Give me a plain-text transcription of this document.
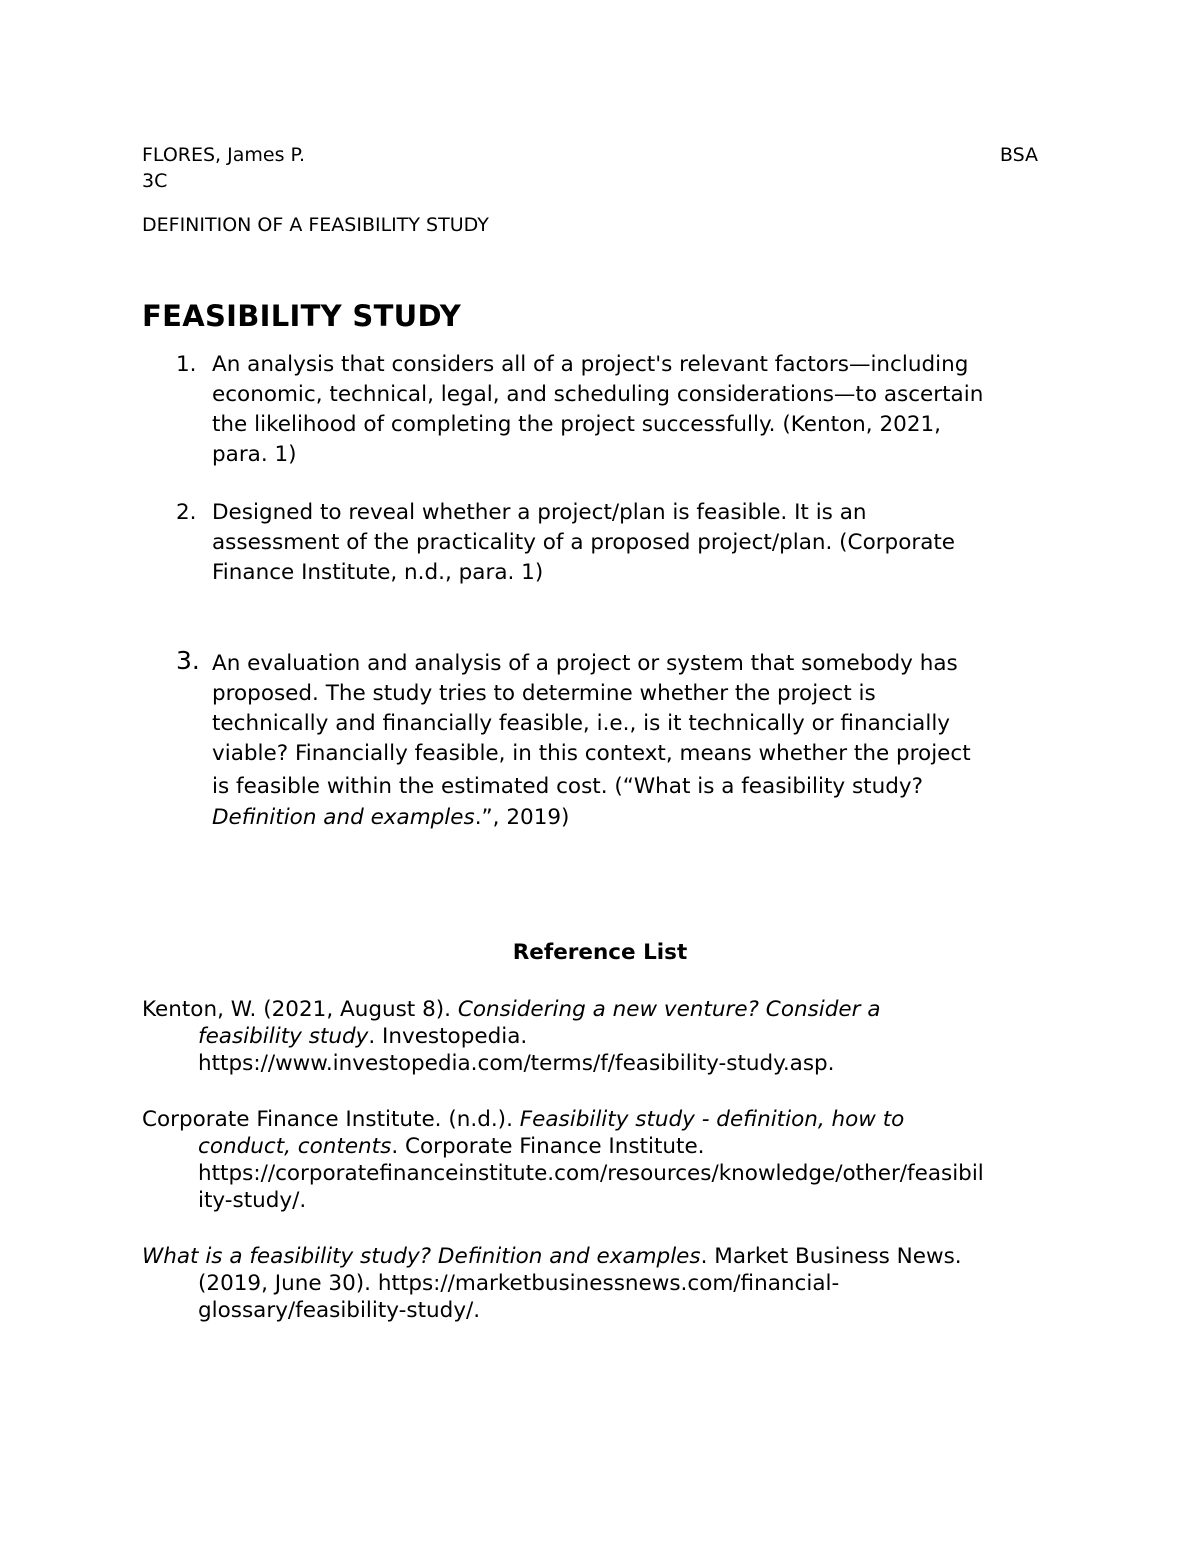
FLORES, James P.	BSA
3C
DEFINITION OF A FEASIBILITY STUDY
FEASIBILITY STUDY
1. An analysis that considers all of a project's relevant factors—including
economic, technical, legal, and scheduling considerations—to ascertain
the likelihood of completing the project successfully. (Kenton, 2021,
para. 1)
2. Designed to reveal whether a project/plan is feasible. It is an
assessment of the practicality of a proposed project/plan. (Corporate
Finance Institute, n.d., para. 1)
3. An evaluation and analysis of a project or system that somebody has
proposed. The study tries to determine whether the project is
technically and financially feasible, i.e., is it technically or financially
viable? Financially feasible, in this context, means whether the project
is feasible within the estimated cost. (“What is a feasibility study?
Definition and examples.”, 2019)
Reference List
Kenton, W. (2021, August 8). Considering a new venture? Consider a
feasibility study. Investopedia.
https://www.investopedia.com/terms/f/feasibility-study.asp.
Corporate Finance Institute. (n.d.). Feasibility study - definition, how to
conduct, contents. Corporate Finance Institute.
https://corporatefinanceinstitute.com/resources/knowledge/other/feasibil
ity-study/.
What is a feasibility study? Definition and examples. Market Business News.
(2019, June 30). https://marketbusinessnews.com/financial-
glossary/feasibility-study/.
